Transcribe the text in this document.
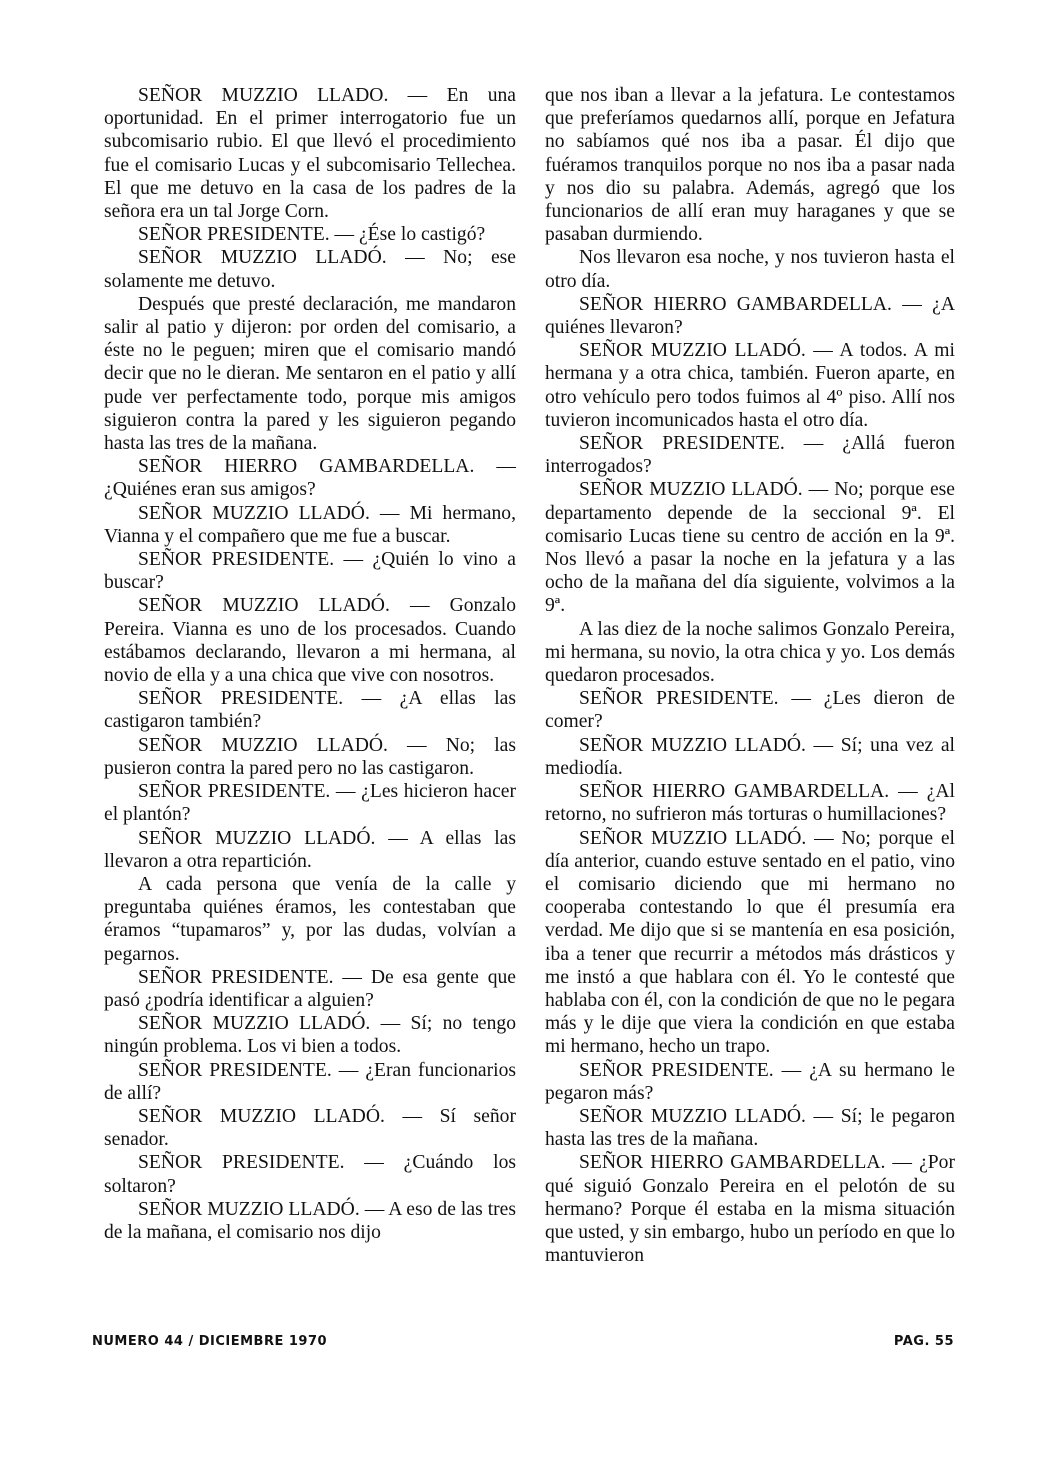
SEÑOR MUZZIO LLADO. — En una oportunidad. En el primer interrogatorio fue un subcomisario rubio. El que llevó el procedimiento fue el comisario Lucas y el subcomisario Tellechea. El que me detuvo en la casa de los padres de la señora era un tal Jorge Corn.

SEÑOR PRESIDENTE. — ¿Ése lo castigó?

SEÑOR MUZZIO LLADÓ. — No; ese solamente me detuvo.

Después que presté declaración, me mandaron salir al patio y dijeron: por orden del comisario, a éste no le peguen; miren que el comisario mandó decir que no le dieran. Me sentaron en el patio y allí pude ver perfectamente todo, porque mis amigos siguieron contra la pared y les siguieron pegando hasta las tres de la mañana.

SEÑOR HIERRO GAMBARDELLA. — ¿Quiénes eran sus amigos?

SEÑOR MUZZIO LLADÓ. — Mi hermano, Vianna y el compañero que me fue a buscar.

SEÑOR PRESIDENTE. — ¿Quién lo vino a buscar?

SEÑOR MUZZIO LLADÓ. — Gonzalo Pereira. Vianna es uno de los procesados. Cuando estábamos declarando, llevaron a mi hermana, al novio de ella y a una chica que vive con nosotros.

SEÑOR PRESIDENTE. — ¿A ellas las castigaron también?

SEÑOR MUZZIO LLADÓ. — No; las pusieron contra la pared pero no las castigaron.

SEÑOR PRESIDENTE. — ¿Les hicieron hacer el plantón?

SEÑOR MUZZIO LLADÓ. — A ellas las llevaron a otra repartición.

A cada persona que venía de la calle y preguntaba quiénes éramos, les contestaban que éramos “tupamaros” y, por las dudas, volvían a pegarnos.

SEÑOR PRESIDENTE. — De esa gente que pasó ¿podría identificar a alguien?

SEÑOR MUZZIO LLADÓ. — Sí; no tengo ningún problema. Los vi bien a todos.

SEÑOR PRESIDENTE. — ¿Eran funcionarios de allí?

SEÑOR MUZZIO LLADÓ. — Sí señor senador.

SEÑOR PRESIDENTE. — ¿Cuándo los soltaron?

SEÑOR MUZZIO LLADÓ. — A eso de las tres de la mañana, el comisario nos dijo

que nos iban a llevar a la jefatura. Le contestamos que preferíamos quedarnos allí, porque en Jefatura no sabíamos qué nos iba a pasar. Él dijo que fuéramos tranquilos porque no nos iba a pasar nada y nos dio su palabra. Además, agregó que los funcionarios de allí eran muy haraganes y que se pasaban durmiendo.

Nos llevaron esa noche, y nos tuvieron hasta el otro día.

SEÑOR HIERRO GAMBARDELLA. — ¿A quiénes llevaron?

SEÑOR MUZZIO LLADÓ. — A todos. A mi hermana y a otra chica, también. Fueron aparte, en otro vehículo pero todos fuimos al 4º piso. Allí nos tuvieron incomunicados hasta el otro día.

SEÑOR PRESIDENTE. — ¿Allá fueron interrogados?

SEÑOR MUZZIO LLADÓ. — No; porque ese departamento depende de la seccional 9ª. El comisario Lucas tiene su centro de acción en la 9ª. Nos llevó a pasar la noche en la jefatura y a las ocho de la mañana del día siguiente, volvimos a la 9ª.

A las diez de la noche salimos Gonzalo Pereira, mi hermana, su novio, la otra chica y yo. Los demás quedaron procesados.

SEÑOR PRESIDENTE. — ¿Les dieron de comer?

SEÑOR MUZZIO LLADÓ. — Sí; una vez al mediodía.

SEÑOR HIERRO GAMBARDELLA. — ¿Al retorno, no sufrieron más torturas o humillaciones?

SEÑOR MUZZIO LLADÓ. — No; porque el día anterior, cuando estuve sentado en el patio, vino el comisario diciendo que mi hermano no cooperaba contestando lo que él presumía era verdad. Me dijo que si se mantenía en esa posición, iba a tener que recurrir a métodos más drásticos y me instó a que hablara con él. Yo le contesté que hablaba con él, con la condición de que no le pegara más y le dije que viera la condición en que estaba mi hermano, hecho un trapo.

SEÑOR PRESIDENTE. — ¿A su hermano le pegaron más?

SEÑOR MUZZIO LLADÓ. — Sí; le pegaron hasta las tres de la mañana.

SEÑOR HIERRO GAMBARDELLA. — ¿Por qué siguió Gonzalo Pereira en el pelotón de su hermano? Porque él estaba en la misma situación que usted, y sin embargo, hubo un período en que lo mantuvieron

NUMERO 44 / DICIEMBRE 1970	PAG. 55
